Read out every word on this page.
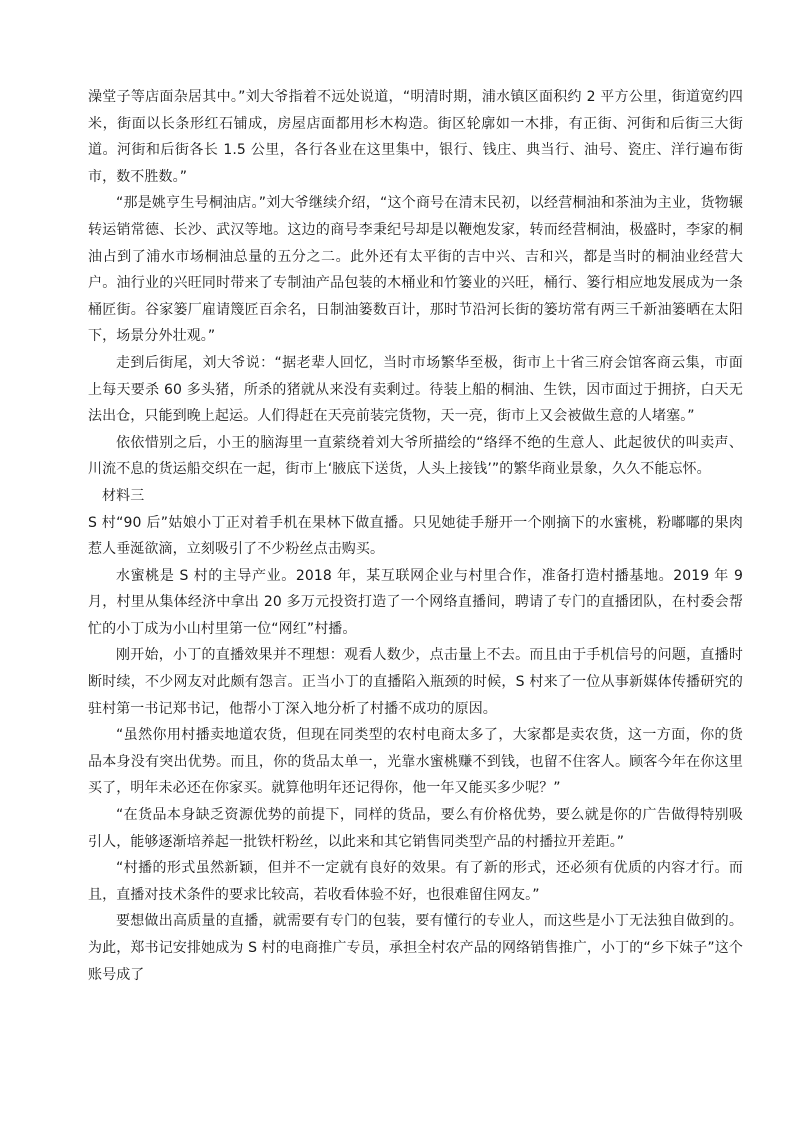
澡堂子等店面杂居其中。”刘大爷指着不远处说道，“明清时期，浦水镇区面积约 2 平方公里，街道宽约四米，街面以长条形红石铺成，房屋店面都用杉木构造。街区轮廓如一木排，有正街、河街和后街三大街道。河街和后街各长 1.5 公里，各行各业在这里集中，银行、钱庄、典当行、油号、瓷庄、洋行遍布街市，数不胜数。”

“那是姚亨生号桐油店。”刘大爷继续介绍，“这个商号在清末民初，以经营桐油和茶油为主业，货物辗转运销常德、长沙、武汉等地。这边的商号李秉纪号却是以鞭炮发家，转而经营桐油，极盛时，李家的桐油占到了浦水市场桐油总量的五分之二。此外还有太平街的吉中兴、吉和兴，都是当时的桐油业经营大户。油行业的兴旺同时带来了专制油产品包装的木桶业和竹篓业的兴旺，桶行、篓行相应地发展成为一条桶匠街。谷家篓厂雇请篾匠百余名，日制油篓数百计，那时节沿河长街的篓坊常有两三千新油篓晒在太阳下，场景分外壮观。”

走到后街尾，刘大爷说：“据老辈人回忆，当时市场繁华至极，街市上十省三府会馆客商云集，市面上每天要杀 60 多头猪，所杀的猪就从来没有卖剩过。待装上船的桐油、生铁，因市面过于拥挤，白天无法出仓，只能到晚上起运。人们得赶在天亮前装完货物，天一亮，街市上又会被做生意的人堵塞。”

依依惜别之后，小王的脑海里一直萦绕着刘大爷所描绘的“络绎不绝的生意人、此起彼伏的叫卖声、川流不息的货运船交织在一起，街市上‘腋底下送货，人头上接钱’”的繁华商业景象，久久不能忘怀。

材料三

S 村“90 后”姑娘小丁正对着手机在果林下做直播。只见她徒手掰开一个刚摘下的水蜜桃，粉嘟嘟的果肉惹人垂涎欲滴，立刻吸引了不少粉丝点击购买。

水蜜桃是 S 村的主导产业。2018 年，某互联网企业与村里合作，准备打造村播基地。2019 年 9 月，村里从集体经济中拿出 20 多万元投资打造了一个网络直播间，聘请了专门的直播团队，在村委会帮忙的小丁成为小山村里第一位“网红”村播。

刚开始，小丁的直播效果并不理想：观看人数少，点击量上不去。而且由于手机信号的问题，直播时断时续，不少网友对此颇有怨言。正当小丁的直播陷入瓶颈的时候，S 村来了一位从事新媒体传播研究的驻村第一书记郑书记，他帮小丁深入地分析了村播不成功的原因。

“虽然你用村播卖地道农货，但现在同类型的农村电商太多了，大家都是卖农货，这一方面，你的货品本身没有突出优势。而且，你的货品太单一，光靠水蜜桃赚不到钱，也留不住客人。顾客今年在你这里买了，明年未必还在你家买。就算他明年还记得你，他一年又能买多少呢？”

“在货品本身缺乏资源优势的前提下，同样的货品，要么有价格优势，要么就是你的广告做得特别吸引人，能够逐渐培养起一批铁杆粉丝，以此来和其它销售同类型产品的村播拉开差距。”

“村播的形式虽然新颖，但并不一定就有良好的效果。有了新的形式，还必须有优质的内容才行。而且，直播对技术条件的要求比较高，若收看体验不好，也很难留住网友。”

要想做出高质量的直播，就需要有专门的包装，要有懂行的专业人，而这些是小丁无法独自做到的。为此，郑书记安排她成为 S 村的电商推广专员，承担全村农产品的网络销售推广，小丁的“乡下妹子”这个账号成了
